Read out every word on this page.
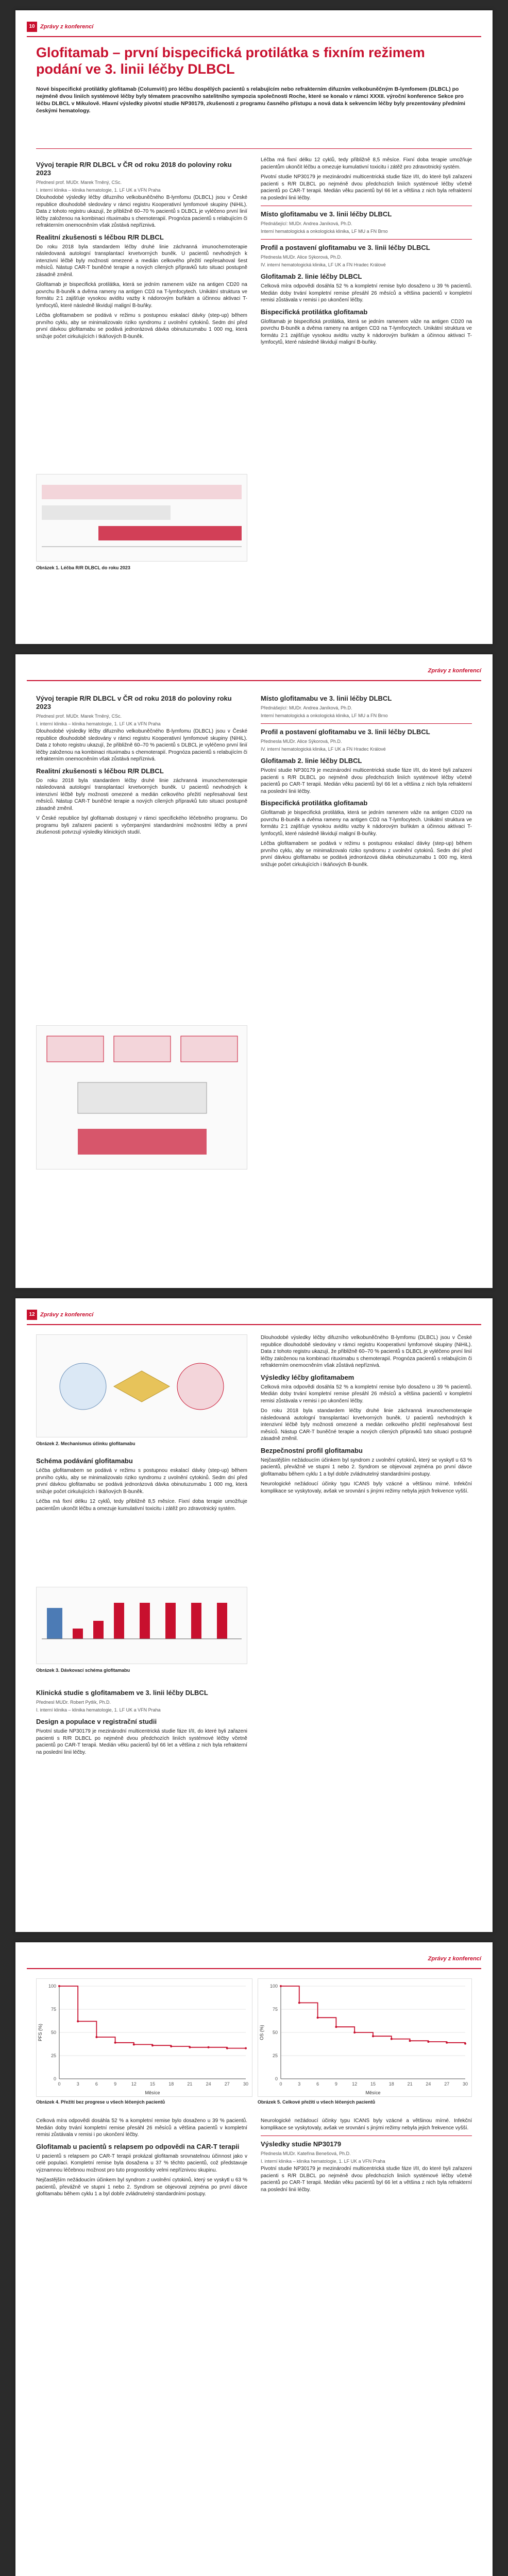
10 Zprávy z konferencí
Glofitamab – první bispecifická protilátka s fixním režimem podání ve 3. linii léčby DLBCL
Nové bispecifické protilátky glofitamab (Columvi®) pro léčbu dospělých pacientů s relabujícím nebo refrakterním difuzním velkobuněčným B-lymfomem (DLBCL) po nejméně dvou liniích systémové léčby byly tématem pracovního satelitního sympozia společnosti Roche, které se konalo v rámci XXXII. výroční konference Sekce pro léčbu DLBCL v Mikulově. Hlavní výsledky pivotní studie NP30179, zkušenosti z programu časného přístupu a nová data k sekvencím léčby byly prezentovány předními českými hematology.
Vývoj terapie R/R DLBCL v ČR od roku 2018 do poloviny roku 2023
Přednesl prof. MUDr. Marek Trněný, CSc.
I. interní klinika – klinika hematologie, 1. LF UK a VFN Praha

Dlouhodobé výsledky léčby difuzního velkobuněčného B-lymfomu (DLBCL) jsou v České republice dlouhodobě sledovány v rámci registru Kooperativní lymfomové skupiny (NiHiL). Data z tohoto registru ukazují, že přibližně 60–70 % pacientů s DLBCL je vyléčeno první linií léčby založenou na kombinaci rituximabu s chemoterapií. Prognóza pacientů s relabujícím či refrakterním onemocněním však zůstává nepříznivá.

Realitní zkušenosti s léčbou R/R DLBCL

Do roku 2018 byla standardem léčby druhé linie záchranná imunochemoterapie následovaná autologní transplantací krvetvorných buněk. U pacientů nevhodných k intenzivní léčbě byly možnosti omezené a medián celkového přežití nepřesahoval šest měsíců. Nástup CAR-T buněčné terapie a nových cílených přípravků tuto situaci postupně zásadně změnil.

Glofitamab je bispecifická protilátka, která se jedním ramenem váže na antigen CD20 na povrchu B-buněk a dvěma rameny na antigen CD3 na T-lymfocytech. Unikátní struktura ve formátu 2:1 zajišťuje vysokou aviditu vazby k nádorovým buňkám a účinnou aktivaci T-lymfocytů, které následně likvidují maligní B-buňky.

Léčba glofitamabem se podává v režimu s postupnou eskalací dávky (step-up) během prvního cyklu, aby se minimalizovalo riziko syndromu z uvolnění cytokinů. Sedm dní před první dávkou glofitamabu se podává jednorázová dávka obinutuzumabu 1 000 mg, která snižuje počet cirkulujících i tkáňových B-buněk.

Léčba má fixní délku 12 cyklů, tedy přibližně 8,5 měsíce. Fixní doba terapie umožňuje pacientům ukončit léčbu a omezuje kumulativní toxicitu i zátěž pro zdravotnický systém.

Pivotní studie NP30179 je mezinárodní multicentrická studie fáze I/II, do které byli zařazeni pacienti s R/R DLBCL po nejméně dvou předchozích liniích systémové léčby včetně pacientů po CAR-T terapii. Medián věku pacientů byl 66 let a většina z nich byla refrakterní na poslední linii léčby.

Místo glofitamabu ve 3. linii léčby DLBCL
Přednášející: MUDr. Andrea Janíková, Ph.D.
Interní hematologická a onkologická klinika, LF MU a FN Brno
Profil a postavení glofitamabu ve 3. linii léčby DLBCL
Přednesla MUDr. Alice Sýkorová, Ph.D.
IV. interní hematologická klinika, LF UK a FN Hradec Králové
Glofitamab 2. linie léčby DLBCL

Celková míra odpovědi dosáhla 52 % a kompletní remise bylo dosaženo u 39 % pacientů. Medián doby trvání kompletní remise přesáhl 26 měsíců a většina pacientů v kompletní remisi zůstávala v remisi i po ukončení léčby.

Bispecifická protilátka glofitamab

Glofitamab je bispecifická protilátka, která se jedním ramenem váže na antigen CD20 na povrchu B-buněk a dvěma rameny na antigen CD3 na T-lymfocytech. Unikátní struktura ve formátu 2:1 zajišťuje vysokou aviditu vazby k nádorovým buňkám a účinnou aktivaci T-lymfocytů, které následně likvidují maligní B-buňky.

Obrázek 1. Léčba R/R DLBCL do roku 2023
Zprávy z konferencí
Vývoj terapie R/R DLBCL v ČR od roku 2018 do poloviny roku 2023
Přednesl prof. MUDr. Marek Trněný, CSc.
I. interní klinika – klinika hematologie, 1. LF UK a VFN Praha

Dlouhodobé výsledky léčby difuzního velkobuněčného B-lymfomu (DLBCL) jsou v České republice dlouhodobě sledovány v rámci registru Kooperativní lymfomové skupiny (NiHiL). Data z tohoto registru ukazují, že přibližně 60–70 % pacientů s DLBCL je vyléčeno první linií léčby založenou na kombinaci rituximabu s chemoterapií. Prognóza pacientů s relabujícím či refrakterním onemocněním však zůstává nepříznivá.

Realitní zkušenosti s léčbou R/R DLBCL

Do roku 2018 byla standardem léčby druhé linie záchranná imunochemoterapie následovaná autologní transplantací krvetvorných buněk. U pacientů nevhodných k intenzivní léčbě byly možnosti omezené a medián celkového přežití nepřesahoval šest měsíců. Nástup CAR-T buněčné terapie a nových cílených přípravků tuto situaci postupně zásadně změnil.

V České republice byl glofitamab dostupný v rámci specifického léčebného programu. Do programu byli zařazeni pacienti s vyčerpanými standardními možnostmi léčby a první zkušenosti potvrzují výsledky klinických studií.

Místo glofitamabu ve 3. linii léčby DLBCL
Přednášející: MUDr. Andrea Janíková, Ph.D.
Interní hematologická a onkologická klinika, LF MU a FN Brno
Profil a postavení glofitamabu ve 3. linii léčby DLBCL
Přednesla MUDr. Alice Sýkorová, Ph.D.
IV. interní hematologická klinika, LF UK a FN Hradec Králové
Glofitamab 2. linie léčby DLBCL

Pivotní studie NP30179 je mezinárodní multicentrická studie fáze I/II, do které byli zařazeni pacienti s R/R DLBCL po nejméně dvou předchozích liniích systémové léčby včetně pacientů po CAR-T terapii. Medián věku pacientů byl 66 let a většina z nich byla refrakterní na poslední linii léčby.

Bispecifická protilátka glofitamab

Glofitamab je bispecifická protilátka, která se jedním ramenem váže na antigen CD20 na povrchu B-buněk a dvěma rameny na antigen CD3 na T-lymfocytech. Unikátní struktura ve formátu 2:1 zajišťuje vysokou aviditu vazby k nádorovým buňkám a účinnou aktivaci T-lymfocytů, které následně likvidují maligní B-buňky.

Léčba glofitamabem se podává v režimu s postupnou eskalací dávky (step-up) během prvního cyklu, aby se minimalizovalo riziko syndromu z uvolnění cytokinů. Sedm dní před první dávkou glofitamabu se podává jednorázová dávka obinutuzumabu 1 000 mg, která snižuje počet cirkulujících i tkáňových B-buněk.

12 Zprávy z konferencí
Obrázek 2. Mechanismus účinku glofitamabu
Schéma podávání glofitamabu

Léčba glofitamabem se podává v režimu s postupnou eskalací dávky (step-up) během prvního cyklu, aby se minimalizovalo riziko syndromu z uvolnění cytokinů. Sedm dní před první dávkou glofitamabu se podává jednorázová dávka obinutuzumabu 1 000 mg, která snižuje počet cirkulujících i tkáňových B-buněk.

Léčba má fixní délku 12 cyklů, tedy přibližně 8,5 měsíce. Fixní doba terapie umožňuje pacientům ukončit léčbu a omezuje kumulativní toxicitu i zátěž pro zdravotnický systém.

Obrázek 3. Dávkovací schéma glofitamabu
Klinická studie s glofitamabem ve 3. linii léčby DLBCL
Přednesl MUDr. Robert Pytlík, Ph.D.
I. interní klinika – klinika hematologie, 1. LF UK a VFN Praha
Design a populace v registrační studii

Pivotní studie NP30179 je mezinárodní multicentrická studie fáze I/II, do které byli zařazeni pacienti s R/R DLBCL po nejméně dvou předchozích liniích systémové léčby včetně pacientů po CAR-T terapii. Medián věku pacientů byl 66 let a většina z nich byla refrakterní na poslední linii léčby.

Dlouhodobé výsledky léčby difuzního velkobuněčného B-lymfomu (DLBCL) jsou v České republice dlouhodobě sledovány v rámci registru Kooperativní lymfomové skupiny (NiHiL). Data z tohoto registru ukazují, že přibližně 60–70 % pacientů s DLBCL je vyléčeno první linií léčby založenou na kombinaci rituximabu s chemoterapií. Prognóza pacientů s relabujícím či refrakterním onemocněním však zůstává nepříznivá.

Výsledky léčby glofitamabem

Celková míra odpovědi dosáhla 52 % a kompletní remise bylo dosaženo u 39 % pacientů. Medián doby trvání kompletní remise přesáhl 26 měsíců a většina pacientů v kompletní remisi zůstávala v remisi i po ukončení léčby.

Do roku 2018 byla standardem léčby druhé linie záchranná imunochemoterapie následovaná autologní transplantací krvetvorných buněk. U pacientů nevhodných k intenzivní léčbě byly možnosti omezené a medián celkového přežití nepřesahoval šest měsíců. Nástup CAR-T buněčné terapie a nových cílených přípravků tuto situaci postupně zásadně změnil.

Bezpečnostní profil glofitamabu

Nejčastějším nežádoucím účinkem byl syndrom z uvolnění cytokinů, který se vyskytl u 63 % pacientů, převážně ve stupni 1 nebo 2. Syndrom se objevoval zejména po první dávce glofitamabu během cyklu 1 a byl dobře zvládnutelný standardními postupy.

Neurologické nežádoucí účinky typu ICANS byly vzácné a většinou mírné. Infekční komplikace se vyskytovaly, avšak ve srovnání s jinými režimy nebyla jejich frekvence vyšší.

Zprávy z konferencí
0
25
50
75
100
0	3	6	9	12	15	18	21	24	27	30
Měsíce
PFS (%)
Obrázek 4. Přežití bez progrese u všech léčených pacientů
0
25
50
75
100
0	3	6	9	12	15	18	21	24	27	30
Měsíce
OS (%)
Obrázek 5. Celkové přežití u všech léčených pacientů

Celková míra odpovědi dosáhla 52 % a kompletní remise bylo dosaženo u 39 % pacientů. Medián doby trvání kompletní remise přesáhl 26 měsíců a většina pacientů v kompletní remisi zůstávala v remisi i po ukončení léčby.

Glofitamab u pacientů s relapsem po odpovědi na CAR-T terapii

U pacientů s relapsem po CAR-T terapii prokázal glofitamab srovnatelnou účinnost jako v celé populaci. Kompletní remise byla dosažena u 37 % těchto pacientů, což představuje významnou léčebnou možnost pro tuto prognosticky velmi nepříznivou skupinu.

Nejčastějším nežádoucím účinkem byl syndrom z uvolnění cytokinů, který se vyskytl u 63 % pacientů, převážně ve stupni 1 nebo 2. Syndrom se objevoval zejména po první dávce glofitamabu během cyklu 1 a byl dobře zvládnutelný standardními postupy.

Neurologické nežádoucí účinky typu ICANS byly vzácné a většinou mírné. Infekční komplikace se vyskytovaly, avšak ve srovnání s jinými režimy nebyla jejich frekvence vyšší.

Výsledky studie NP30179
Přednesla MUDr. Kateřina Benešová, Ph.D.
I. interní klinika – klinika hematologie, 1. LF UK a VFN Praha

Pivotní studie NP30179 je mezinárodní multicentrická studie fáze I/II, do které byli zařazeni pacienti s R/R DLBCL po nejméně dvou předchozích liniích systémové léčby včetně pacientů po CAR-T terapii. Medián věku pacientů byl 66 let a většina z nich byla refrakterní na poslední linii léčby.
